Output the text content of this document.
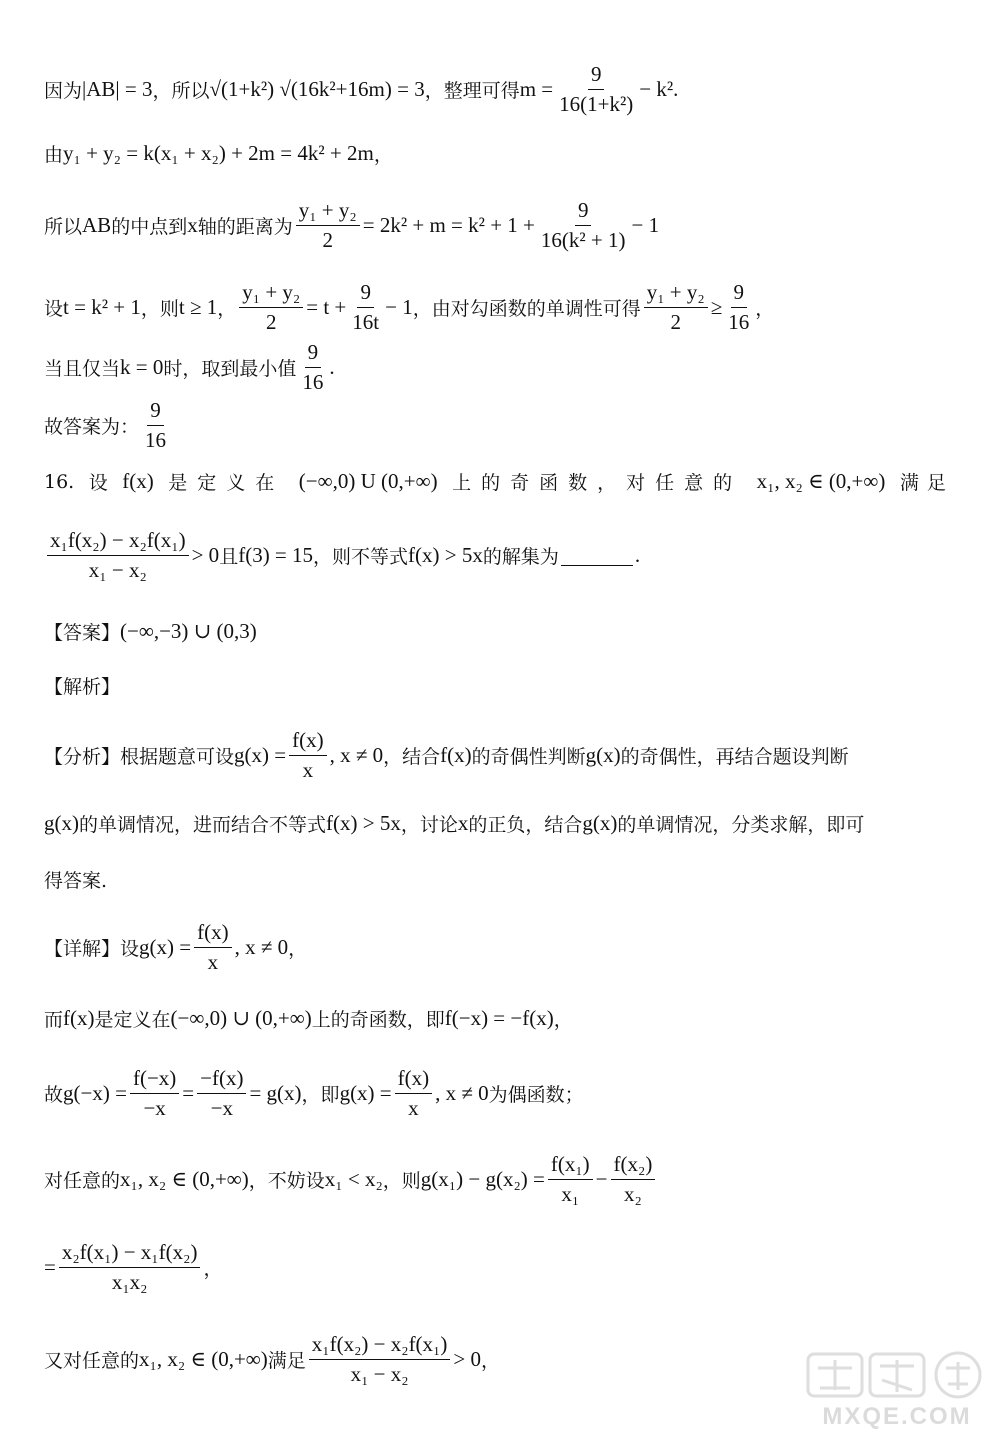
因为 |AB| = 3 ，所以 √(1+k²) √(16k²+16m) = 3 ，整理可得 $m = \frac{9}{\text{16(1+k²)}} - k^2$.
由 y₁ + y₂ = k(x₁ + x₂) + 2m = 4k² + 2m ，
所以 AB 的中点到 x 轴的距离为 $\frac{\text{y₁ + y₂}}{2} = 2k^2 + m = k^2 + 1 + \frac{9}{\text{16(k² + 1)}} - 1$
设 t = k² + 1 ，则 t ≥ 1 ， $\frac{\text{y₁ + y₂}}{2} = t + \frac{9}{16t} - 1$ ，由对勾函数的单调性可得 $\frac{\text{y₁ + y₂}}{2} \ge \frac{9}{16}$ ，
当且仅当 k = 0 时，取到最小值 $\frac{9}{16}$ .
故答案为： $\frac{9}{16}$
16. 设 f(x) 是定义在 (−∞,0) U (0,+∞) 上的奇函数，对任意的 x₁, x₂ ∈ (0,+∞) 满足
$\frac{\text{x₁f(x₂) − x₂f(x₁)}}{\text{x₁ − x₂}} > 0$ 且 f(3) = 15 ，则不等式 f(x) > 5x 的解集为	.
【答案】 (−∞,−3) ∪ (0,3)
【解析】
【分析】根据题意可设 $g(x) = \frac{f(x)}{x}$ , x ≠ 0 ，结合 f(x) 的奇偶性判断 g(x) 的奇偶性，再结合题设判断
g(x) 的单调情况，进而结合不等式 f(x) > 5x ，讨论 x 的正负，结合 g(x) 的单调情况，分类求解，即可
得答案.
【详解】设 $g(x) = \frac{f(x)}{x}$ , x ≠ 0 ，
而 f(x) 是定义在 (−∞,0) ∪ (0,+∞) 上的奇函数，即 f(−x) = −f(x) ，
故 $g(-x) = \frac{f(-x)}{-x} = \frac{-f(x)}{-x} = g(x)$ ，即 $g(x) = \frac{f(x)}{x}$ , x ≠ 0 为偶函数；
对任意的 x₁, x₂ ∈ (0,+∞) ，不妨设 x₁ < x₂ ，则 $g(x_1) - g(x_2) = \frac{\text{f(x₁)}}{\text{x₁}} - \frac{\text{f(x₂)}}{\text{x₂}}$
= $\frac{\text{x₂f(x₁) − x₁f(x₂)}}{\text{x₁x₂}}$ ，
又对任意的 x₁, x₂ ∈ (0,+∞) 满足 $\frac{\text{x₁f(x₂) − x₂f(x₁)}}{\text{x₁ − x₂}} > 0$ ，
MXQE.COM
